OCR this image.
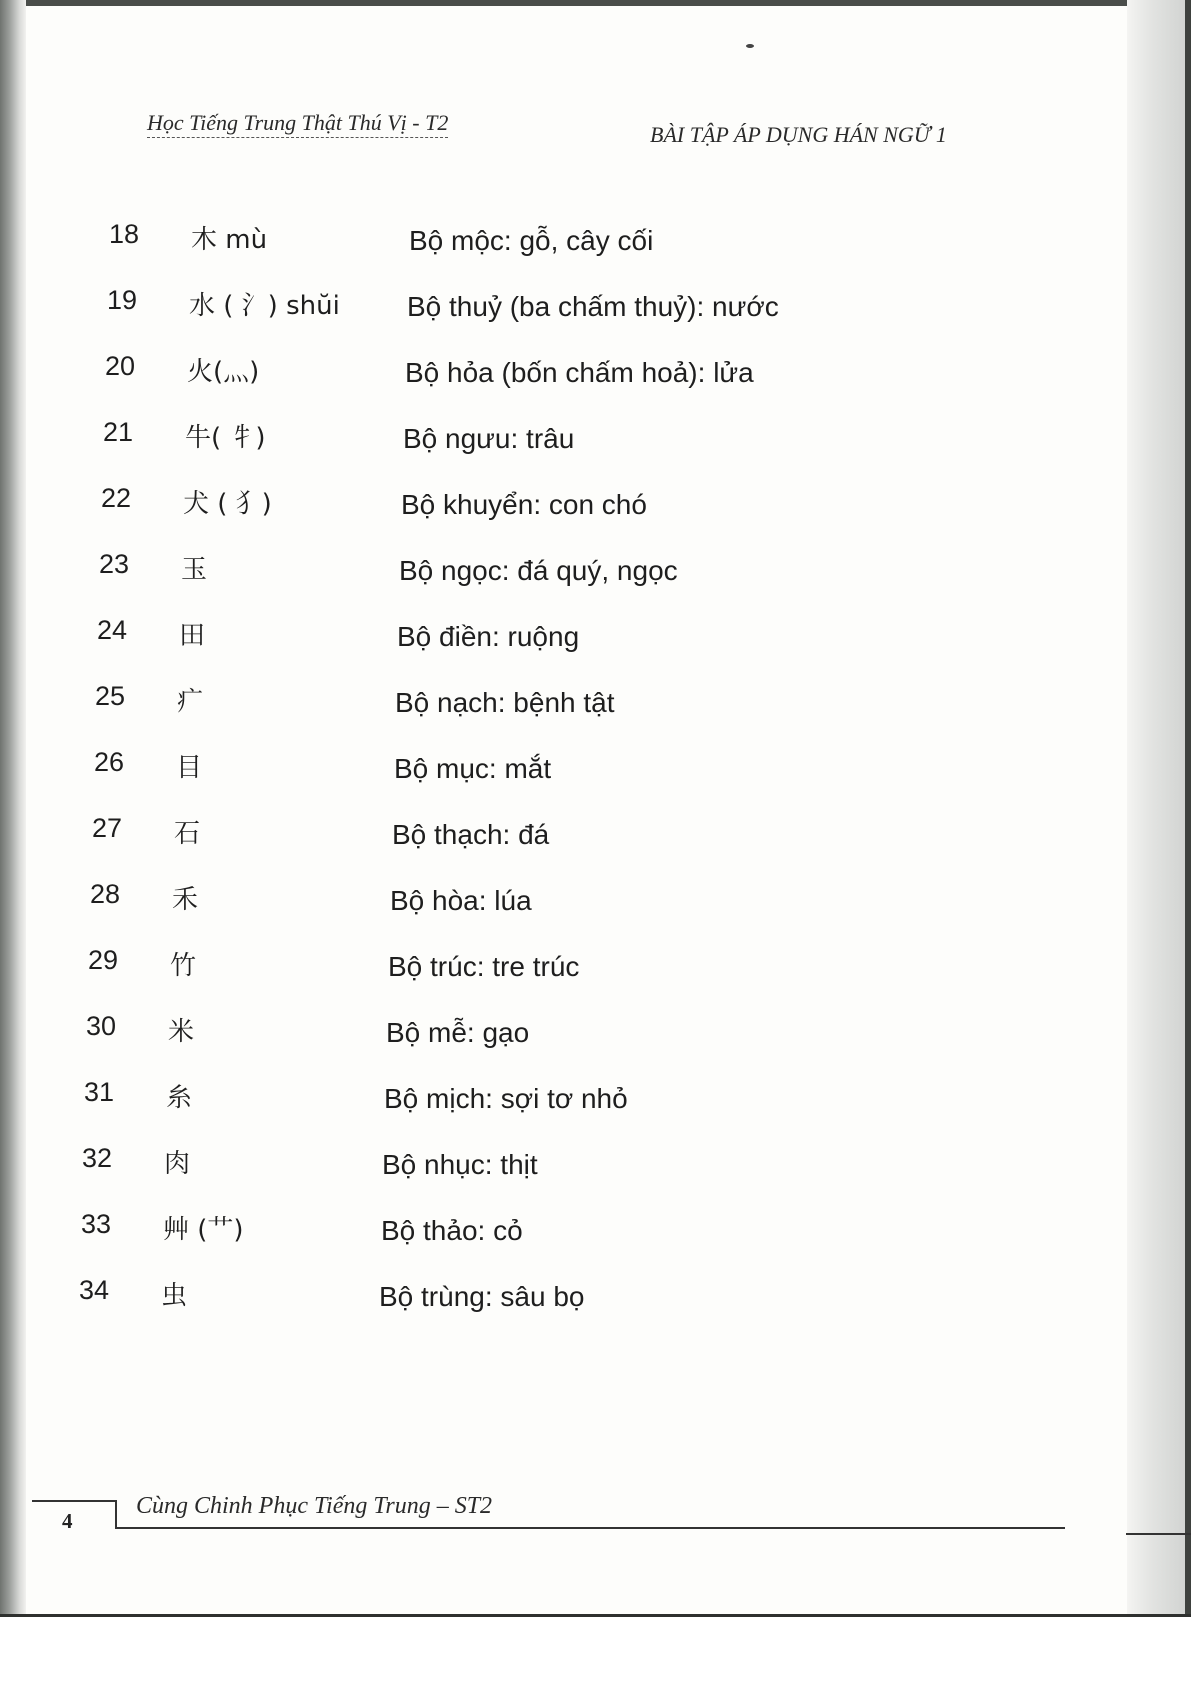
Học Tiếng Trung Thật Thú Vị - T2	BÀI TẬP ÁP DỤNG HÁN NGỮ 1
18 木 mù	Bộ mộc: gỗ, cây cối
19 水 ( 氵) shŭi Bộ thuỷ (ba chấm thuỷ): nước
20 火(灬)	Bộ hỏa (bốn chấm hoả): lửa
21 牛( 牜)	Bộ ngưu: trâu
22 犬 ( 犭)	Bộ khuyển: con chó
23 玉	Bộ ngọc: đá quý, ngọc
24 田	Bộ điền: ruộng
25 疒	Bộ nạch: bệnh tật
26 目	Bộ mục: mắt
27 石	Bộ thạch: đá
28 禾	Bộ hòa: lúa
29 竹	Bộ trúc: tre trúc
30 米	Bộ mễ: gạo
31 糸	Bộ mịch: sợi tơ nhỏ
32 肉	Bộ nhục: thịt
33 艸 (艹)	Bộ thảo: cỏ
34 虫	Bộ trùng: sâu bọ
4
Cùng Chinh Phục Tiếng Trung – ST2
